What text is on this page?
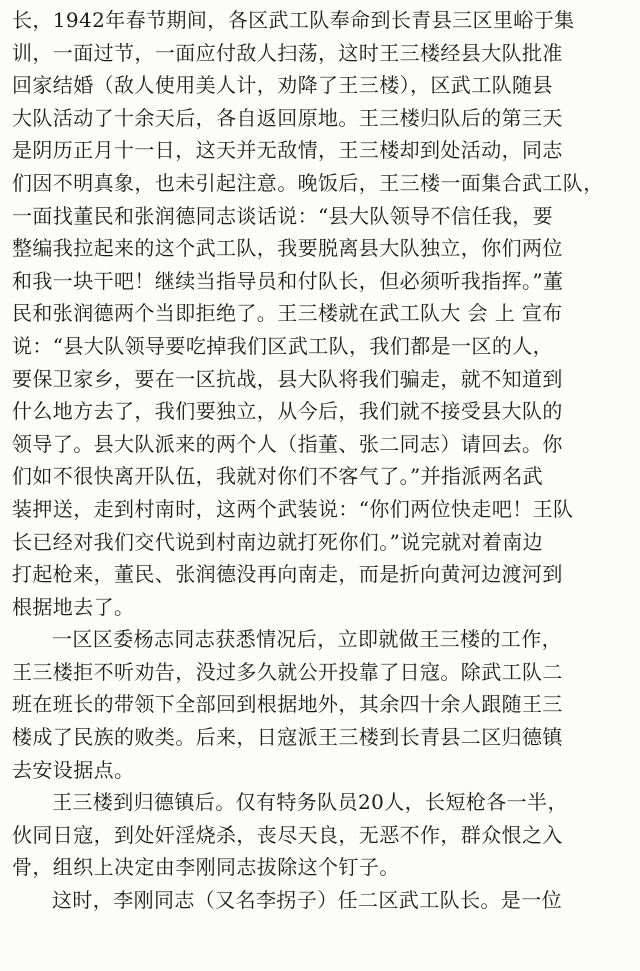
长，1942年春节期间，各区武工队奉命到长青县三区里峪于集
训，一面过节，一面应付敌人扫荡，这时王三楼经县大队批准
回家结婚（敌人使用美人计，劝降了王三楼），区武工队随县
大队活动了十余天后，各自返回原地。王三楼归队后的第三天
是阴历正月十一日，这天并无敌情，王三楼却到处活动，同志
们因不明真象，也未引起注意。晚饭后，王三楼一面集合武工队，
一面找董民和张润德同志谈话说：“县大队领导不信任我，要
整编我拉起来的这个武工队，我要脱离县大队独立，你们两位
和我一块干吧！继续当指导员和付队长，但必须听我指挥。”董
民和张润德两个当即拒绝了。王三楼就在武工队大 会 上 宣布
说：“县大队领导要吃掉我们区武工队，我们都是一区的人，
要保卫家乡，要在一区抗战，县大队将我们骗走，就不知道到
什么地方去了，我们要独立，从今后，我们就不接受县大队的
领导了。县大队派来的两个人（指董、张二同志）请回去。你
们如不很快离开队伍，我就对你们不客气了。”并指派两名武
装押送，走到村南时，这两个武装说：“你们两位快走吧！王队
长已经对我们交代说到村南边就打死你们。”说完就对着南边
打起枪来，董民、张润德没再向南走，而是折向黄河边渡河到
根据地去了。
一区区委杨志同志获悉情况后，立即就做王三楼的工作，
王三楼拒不听劝告，没过多久就公开投靠了日寇。除武工队二
班在班长的带领下全部回到根据地外，其余四十余人跟随王三
楼成了民族的败类。后来，日寇派王三楼到长青县二区归德镇
去安设据点。
王三楼到归德镇后。仅有特务队员20人，长短枪各一半，
伙同日寇，到处奸淫烧杀，丧尽天良，无恶不作，群众恨之入
骨，组织上决定由李刚同志拔除这个钉子。
这时，李刚同志（又名李拐子）任二区武工队长。是一位
